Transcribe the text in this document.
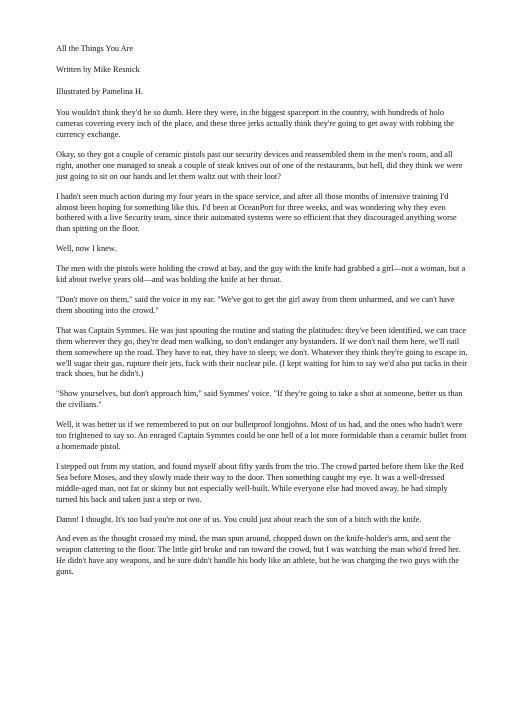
All the Things You Are
Written by Mike Resnick
Illustrated by Pamelina H.

You wouldn't think they'd be so dumb. Here they were, in the biggest spaceport in the country, with hundreds of holo cameras covering every inch of the place, and these three jerks actually think they're going to get away with robbing the currency exchange.

Okay, so they got a couple of ceramic pistols past our security devices and reassembled them in the men's room, and all right, another one managed to sneak a couple of steak knives out of one of the restaurants, but hell, did they think we were just going to sit on our hands and let them waltz out with their loot?

I hadn't seen much action during my four years in the space service, and after all those months of intensive training I'd almost been hoping for something like this. I'd been at OceanPort for three weeks, and was wondering why they even bothered with a live Security team, since their automated systems were so efficient that they discouraged anything worse than spitting on the floor.

Well, now I knew.

The men with the pistols were holding the crowd at bay, and the guy with the knife had grabbed a girl—not a woman, but a kid about twelve years old—and was holding the knife at her throat.

"Don't move on them," said the voice in my ear. "We've got to get the girl away from them unharmed, and we can't have them shooting into the crowd."

That was Captain Symmes. He was just spouting the routine and stating the platitudes: they've been identified, we can trace them wherever they go, they're dead men walking, so don't endanger any bystanders. If we don't nail them here, we'll nail them somewhere up the road. They have to eat, they have to sleep; we don't. Whatever they think they're going to escape in, we'll sugar their gas, rupture their jets, fuck with their nuclear pile. (I kept waiting for him to say we'd also put tacks in their track shoes, but he didn't.)

"Show yourselves, but don't approach him," said Symmes' voice. "If they're going to take a shot at someone, better us than the civilians."

Well, it was better us if we remembered to put on our bulletproof longjohns. Most of us had, and the ones who hadn't were too frightened to say so. An enraged Captain Symmes could be one hell of a lot more formidable than a ceramic bullet from a homemade pistol.

I stepped out from my station, and found myself about fifty yards from the trio. The crowd parted before them like the Red Sea before Moses, and they slowly made their way to the door. Then something caught my eye. It was a well-dressed middle-aged man, not fat or skinny but not especially well-built. While everyone else had moved away, he had simply turned his back and taken just a step or two.

Damn! I thought. It's too bad you're not one of us. You could just about reach the son of a bitch with the knife.

And even as the thought crossed my mind, the man spun around, chopped down on the knife-holder's arm, and sent the weapon clattering to the floor. The little girl broke and ran toward the crowd, but I was watching the man who'd freed her. He didn't have any weapons, and he sure didn't handle his body like an athlete, but he was charging the two guys with the guns.
